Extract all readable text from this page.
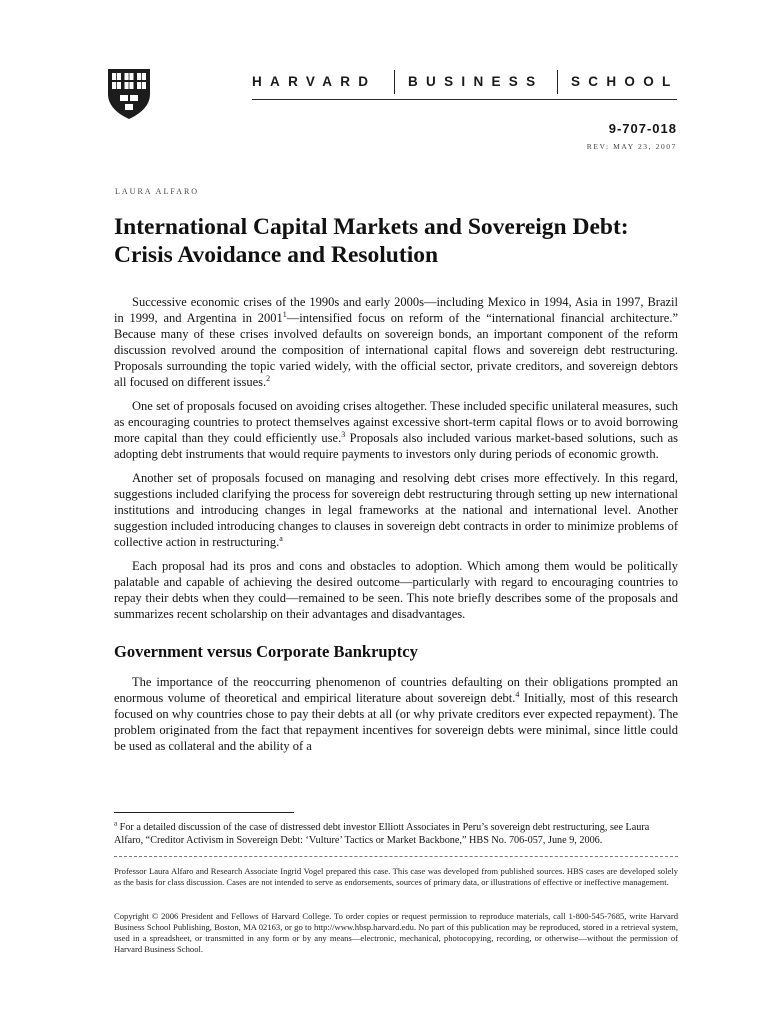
HARVARD BUSINESS SCHOOL
9-707-018
REV: MAY 23, 2007
LAURA ALFARO
International Capital Markets and Sovereign Debt:
Crisis Avoidance and Resolution

Successive economic crises of the 1990s and early 2000s—including Mexico in 1994, Asia in 1997, Brazil in 1999, and Argentina in 2001$^1$—intensified focus on reform of the “international financial architecture.” Because many of these crises involved defaults on sovereign bonds, an important component of the reform discussion revolved around the composition of international capital flows and sovereign debt restructuring. Proposals surrounding the topic varied widely, with the official sector, private creditors, and sovereign debtors all focused on different issues.$^2$

One set of proposals focused on avoiding crises altogether. These included specific unilateral measures, such as encouraging countries to protect themselves against excessive short-term capital flows or to avoid borrowing more capital than they could efficiently use.$^3$ Proposals also included various market-based solutions, such as adopting debt instruments that would require payments to investors only during periods of economic growth.

Another set of proposals focused on managing and resolving debt crises more effectively. In this regard, suggestions included clarifying the process for sovereign debt restructuring through setting up new international institutions and introducing changes in legal frameworks at the national and international level. Another suggestion included introducing changes to clauses in sovereign debt contracts in order to minimize problems of collective action in restructuring.$^a$

Each proposal had its pros and cons and obstacles to adoption. Which among them would be politically palatable and capable of achieving the desired outcome—particularly with regard to encouraging countries to repay their debts when they could—remained to be seen. This note briefly describes some of the proposals and summarizes recent scholarship on their advantages and disadvantages.

Government versus Corporate Bankruptcy

The importance of the reoccurring phenomenon of countries defaulting on their obligations prompted an enormous volume of theoretical and empirical literature about sovereign debt.$^4$ Initially, most of this research focused on why countries chose to pay their debts at all (or why private creditors ever expected repayment). The problem originated from the fact that repayment incentives for sovereign debts were minimal, since little could be used as collateral and the ability of a

$^a$ For a detailed discussion of the case of distressed debt investor Elliott Associates in Peru’s sovereign debt restructuring, see Laura Alfaro, “Creditor Activism in Sovereign Debt: ‘Vulture’ Tactics or Market Backbone,” HBS No. 706-057, June 9, 2006.

Professor Laura Alfaro and Research Associate Ingrid Vogel prepared this case. This case was developed from published sources. HBS cases are developed solely as the basis for class discussion. Cases are not intended to serve as endorsements, sources of primary data, or illustrations of effective or ineffective management.

Copyright © 2006 President and Fellows of Harvard College. To order copies or request permission to reproduce materials, call 1-800-545-7685, write Harvard Business School Publishing, Boston, MA 02163, or go to http://www.hbsp.harvard.edu. No part of this publication may be reproduced, stored in a retrieval system, used in a spreadsheet, or transmitted in any form or by any means—electronic, mechanical, photocopying, recording, or otherwise—without the permission of Harvard Business School.
